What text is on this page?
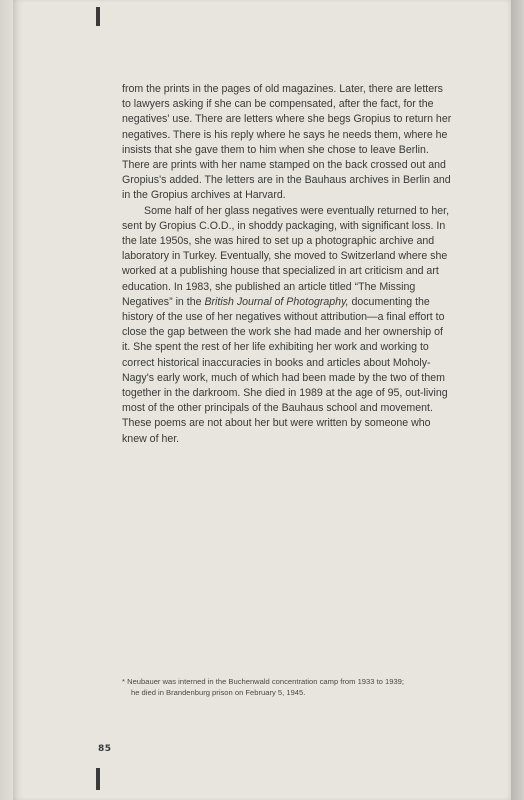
from the prints in the pages of old magazines. Later, there are letters to lawyers asking if she can be compensated, after the fact, for the negatives' use. There are letters where she begs Gropius to return her negatives. There is his reply where he says he needs them, where he insists that she gave them to him when she chose to leave Berlin. There are prints with her name stamped on the back crossed out and Gropius's added. The letters are in the Bauhaus archives in Berlin and in the Gropius archives at Harvard.

Some half of her glass negatives were eventually returned to her, sent by Gropius C.O.D., in shoddy packaging, with significant loss. In the late 1950s, she was hired to set up a photographic archive and laboratory in Turkey. Eventually, she moved to Switzerland where she worked at a publishing house that specialized in art criticism and art education. In 1983, she published an article titled “The Missing Negatives” in the British Journal of Photography, documenting the history of the use of her negatives without attribution—a final effort to close the gap between the work she had made and her ownership of it. She spent the rest of her life exhibiting her work and working to correct historical inaccuracies in books and articles about Moholy-Nagy's early work, much of which had been made by the two of them together in the darkroom. She died in 1989 at the age of 95, out-living most of the other principals of the Bauhaus school and movement. These poems are not about her but were written by someone who knew of her.

* Neubauer was interned in the Buchenwald concentration camp from 1933 to 1939;
he died in Brandenburg prison on February 5, 1945.
85
